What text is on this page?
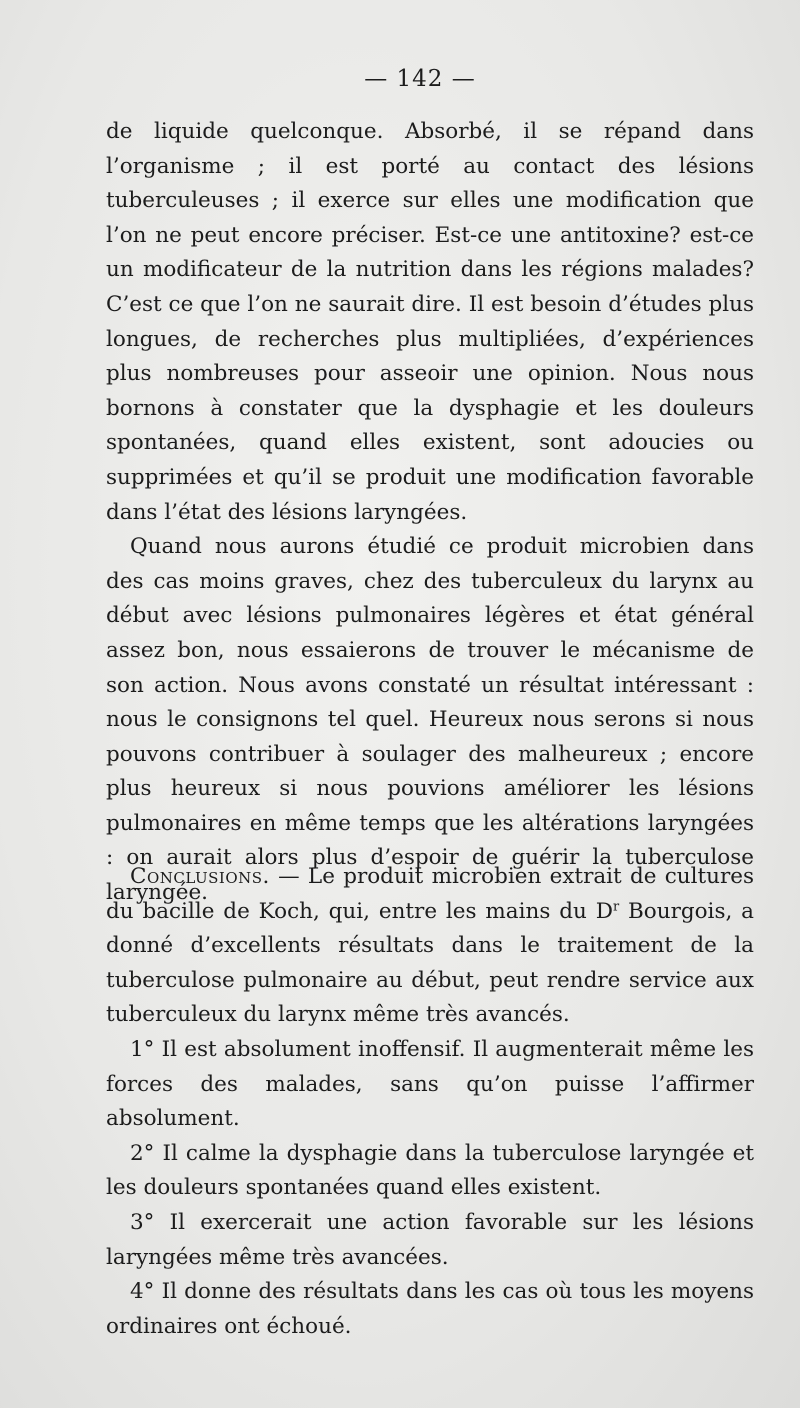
— 142 —

de liquide quelconque. Absorbé, il se répand dans l’organisme ; il est porté au contact des lésions tuberculeuses ; il exerce sur elles une modification que l’on ne peut encore préciser. Est-ce une antitoxine? est-ce un modificateur de la nutrition dans les régions malades? C’est ce que l’on ne saurait dire. Il est besoin d’études plus longues, de recherches plus multipliées, d’expériences plus nombreuses pour asseoir une opinion. Nous nous bornons à constater que la dysphagie et les douleurs spontanées, quand elles existent, sont adoucies ou supprimées et qu’il se produit une modification favorable dans l’état des lésions laryngées.

Quand nous aurons étudié ce produit microbien dans des cas moins graves, chez des tuberculeux du larynx au début avec lésions pulmonaires légères et état général assez bon, nous essaierons de trouver le mécanisme de son action. Nous avons constaté un résultat intéressant : nous le consignons tel quel. Heureux nous serons si nous pouvons contribuer à soulager des malheureux ; encore plus heureux si nous pouvions améliorer les lésions pulmonaires en même temps que les altérations laryngées : on aurait alors plus d’espoir de guérir la tuberculose laryngée.

Conclusions. — Le produit microbien extrait de cultures du bacille de Koch, qui, entre les mains du $D^r$ Bourgois, a donné d’excellents résultats dans le traitement de la tuberculose pulmonaire au début, peut rendre service aux tuberculeux du larynx même très avancés.

1° Il est absolument inoffensif. Il augmenterait même les forces des malades, sans qu’on puisse l’affirmer absolument.

2° Il calme la dysphagie dans la tuberculose laryngée et les douleurs spontanées quand elles existent.

3° Il exercerait une action favorable sur les lésions laryngées même très avancées.

4° Il donne des résultats dans les cas où tous les moyens ordinaires ont échoué.
